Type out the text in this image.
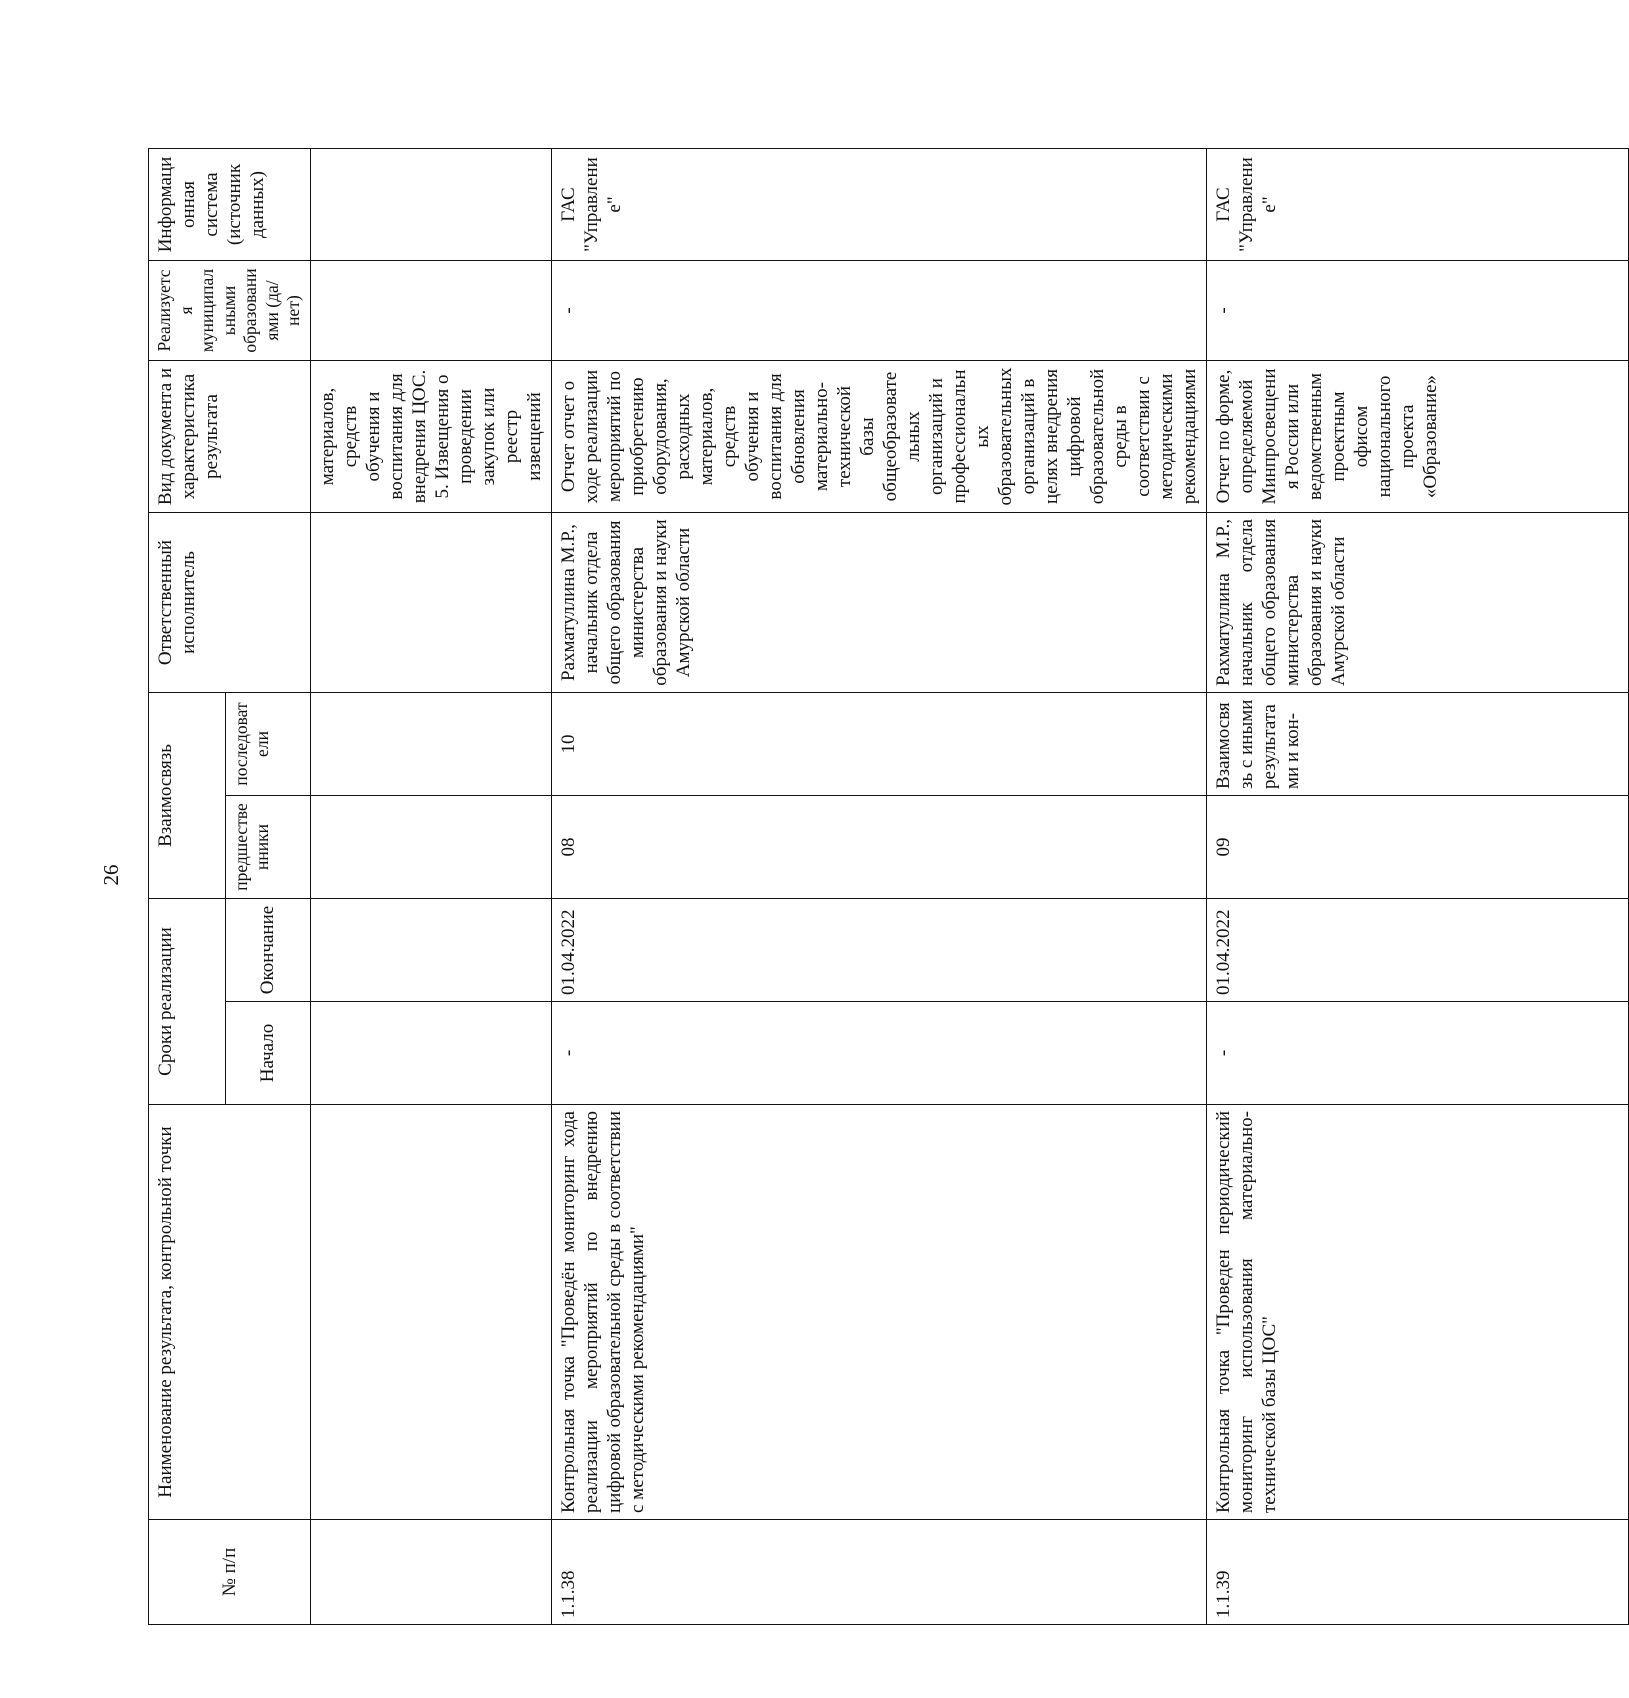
26
№ п/п	Наименование результата, контрольной точки	Сроки реализации		Взаимосвязь		Ответственный исполнитель	Вид документа и характеристика результата	Реализуется муниципальными образованиями (да/нет)	Информационная система (источник данных)
		Начало	Окончание	предшественники	последователи				
							материалов, средств обучения и воспитания для внедрения ЦОС. 5. Извещения о проведении закупок или реестр извещений		
1.1.38	Контрольная точка "Проведён мониторинг хода реализации мероприятий по внедрению цифровой образовательной среды в соответствии с методическими рекомендациями"	-	01.04.2022	08	10	Рахматуллина М.Р., начальник отдела общего образования министерства образования и науки Амурской области	Отчет отчет о ходе реализации мероприятий по приобретению оборудования, расходных материалов, средств обучения и воспитания для обновления материально-технической базы общеобразовательных организаций и профессиональных образовательных организаций в целях внедрения цифровой образовательной среды в соответствии с методическими рекомендациями	-	ГАС "Управление"
1.1.39	Контрольная точка "Проведен периодический мониторинг использования материально-технической базы ЦОС"	-	01.04.2022	09	Взаимосвязь с иными результатами и кон-	Рахматуллина М.Р., начальник отдела общего образования министерства образования и науки Амурской области	Отчет по форме, определяемой Минпросвещения России или ведомственным проектным офисом национального проекта «Образование»	-	ГАС "Управление"
